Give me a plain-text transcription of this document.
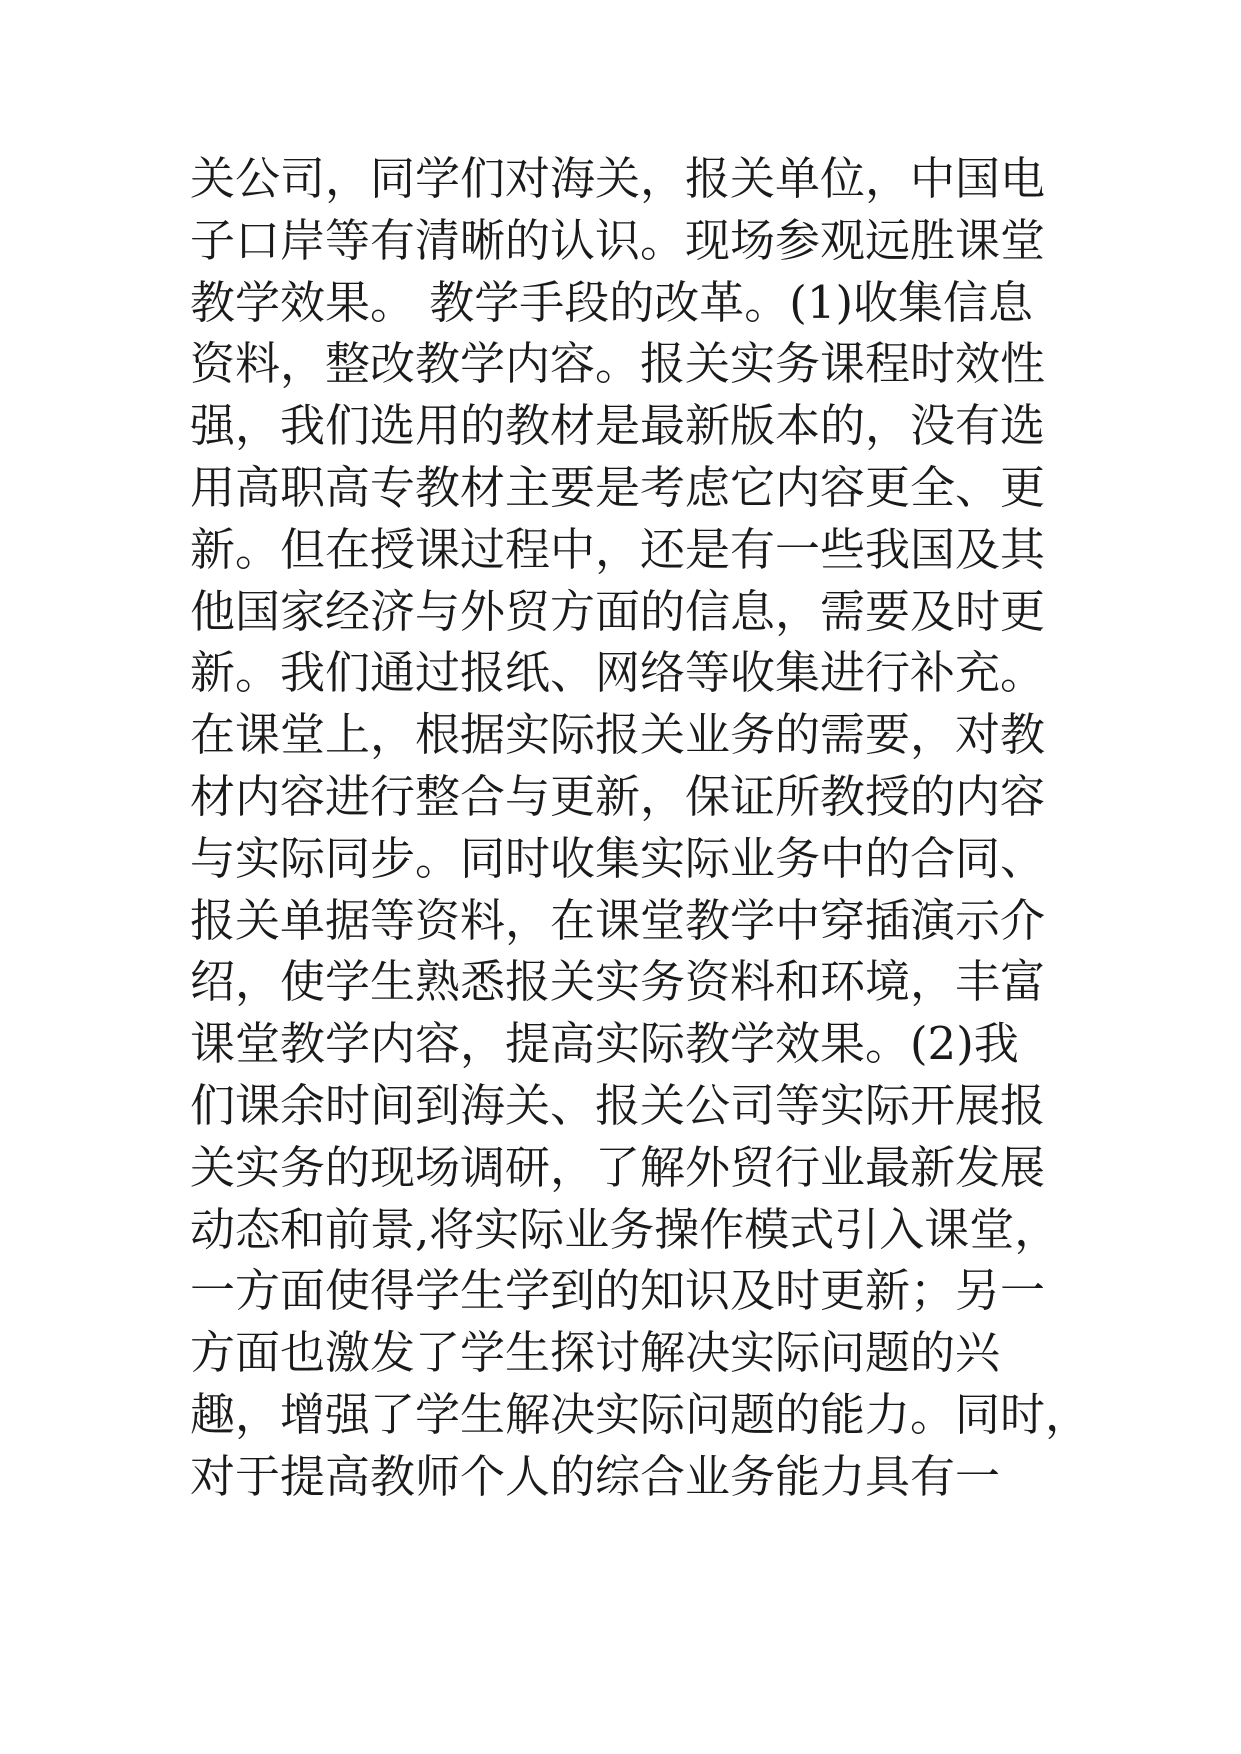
关公司，同学们对海关，报关单位，中国电
子口岸等有清晰的认识。现场参观远胜课堂
教学效果。 教学手段的改革。(1)收集信息
资料，整改教学内容。报关实务课程时效性
强，我们选用的教材是最新版本的，没有选
用高职高专教材主要是考虑它内容更全、更
新。但在授课过程中，还是有一些我国及其
他国家经济与外贸方面的信息，需要及时更
新。我们通过报纸、网络等收集进行补充。
在课堂上，根据实际报关业务的需要，对教
材内容进行整合与更新，保证所教授的内容
与实际同步。同时收集实际业务中的合同、
报关单据等资料，在课堂教学中穿插演示介
绍，使学生熟悉报关实务资料和环境，丰富
课堂教学内容，提高实际教学效果。(2)我
们课余时间到海关、报关公司等实际开展报
关实务的现场调研，了解外贸行业最新发展
动态和前景,将实际业务操作模式引入课堂，
一方面使得学生学到的知识及时更新；另一
方面也激发了学生探讨解决实际问题的兴
趣，增强了学生解决实际问题的能力。同时，
对于提高教师个人的综合业务能力具有一
